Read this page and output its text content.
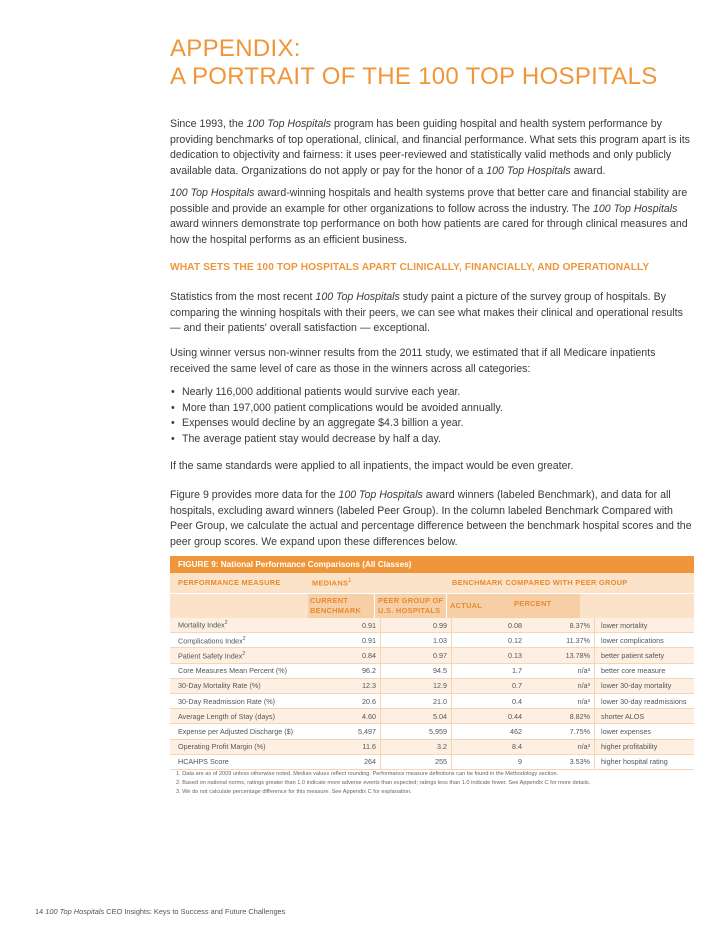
APPENDIX:
A PORTRAIT OF THE 100 TOP HOSPITALS
Since 1993, the 100 Top Hospitals program has been guiding hospital and health system performance by providing benchmarks of top operational, clinical, and financial performance. What sets this program apart is its dedication to objectivity and fairness: it uses peer-reviewed and statistically valid methods and only publicly available data. Organizations do not apply or pay for the honor of a 100 Top Hospitals award.
100 Top Hospitals award-winning hospitals and health systems prove that better care and financial stability are possible and provide an example for other organizations to follow across the industry. The 100 Top Hospitals award winners demonstrate top performance on both how patients are cared for through clinical measures and how the hospital performs as an efficient business.
WHAT SETS THE 100 TOP HOSPITALS APART CLINICALLY, FINANCIALLY, AND OPERATIONALLY
Statistics from the most recent 100 Top Hospitals study paint a picture of the survey group of hospitals. By comparing the winning hospitals with their peers, we can see what makes their clinical and operational results — and their patients' overall satisfaction — exceptional.
Using winner versus non-winner results from the 2011 study, we estimated that if all Medicare inpatients received the same level of care as those in the winners across all categories:
• Nearly 116,000 additional patients would survive each year.
• More than 197,000 patient complications would be avoided annually.
• Expenses would decline by an aggregate $4.3 billion a year.
• The average patient stay would decrease by half a day.
If the same standards were applied to all inpatients, the impact would be even greater.
Figure 9 provides more data for the 100 Top Hospitals award winners (labeled Benchmark), and data for all hospitals, excluding award winners (labeled Peer Group). In the column labeled Benchmark Compared with Peer Group, we calculate the actual and percentage difference between the benchmark hospital scores and the peer group scores. We expand upon these differences below.
FIGURE 9: National Performance Comparisons (All Classes)
PERFORMANCE MEASURE	MEDIANS$^1$	BENCHMARK COMPARED WITH PEER GROUP
CURRENT
BENCHMARK
PEER GROUP OF
U.S. HOSPITALS
ACTUAL	PERCENT
Mortality Index$^2$	0.91	0.99	0.08	8.37%	lower mortality
Complications Index$^2$	0.91	1.03	0.12	11.37%	lower complications
Patient Safety Index$^2$	0.84	0.97	0.13	13.78%	better patient safety
Core Measures Mean Percent (%)	96.2	94.5	1.7	n/a³	better core measure
30-Day Mortality Rate (%)	12.3	12.9	0.7	n/a³	lower 30-day mortality
30-Day Readmission Rate (%)	20.6	21.0	0.4	n/a³	lower 30-day readmissions
Average Length of Stay (days)	4.60	5.04	0.44	8.82%	shorter ALOS
Expense per Adjusted Discharge ($)	5,497	5,959	462	7.75%	lower expenses
Operating Profit Margin (%)	11.6	3.2	8.4	n/a³	higher profitability
HCAHPS Score	264	255	9	3.53%	higher hospital rating
1. Data are as of 2009 unless otherwise noted. Median values reflect rounding. Performance measure definitions can be found in the Methodology section.
2. Based on national norms, ratings greater than 1.0 indicate more adverse events than expected; ratings less than 1.0 indicate fewer. See Appendix C for more details.
3. We do not calculate percentage difference for this measure. See Appendix C for explanation.
14 100 Top Hospitals CEO Insights: Keys to Success and Future Challenges
